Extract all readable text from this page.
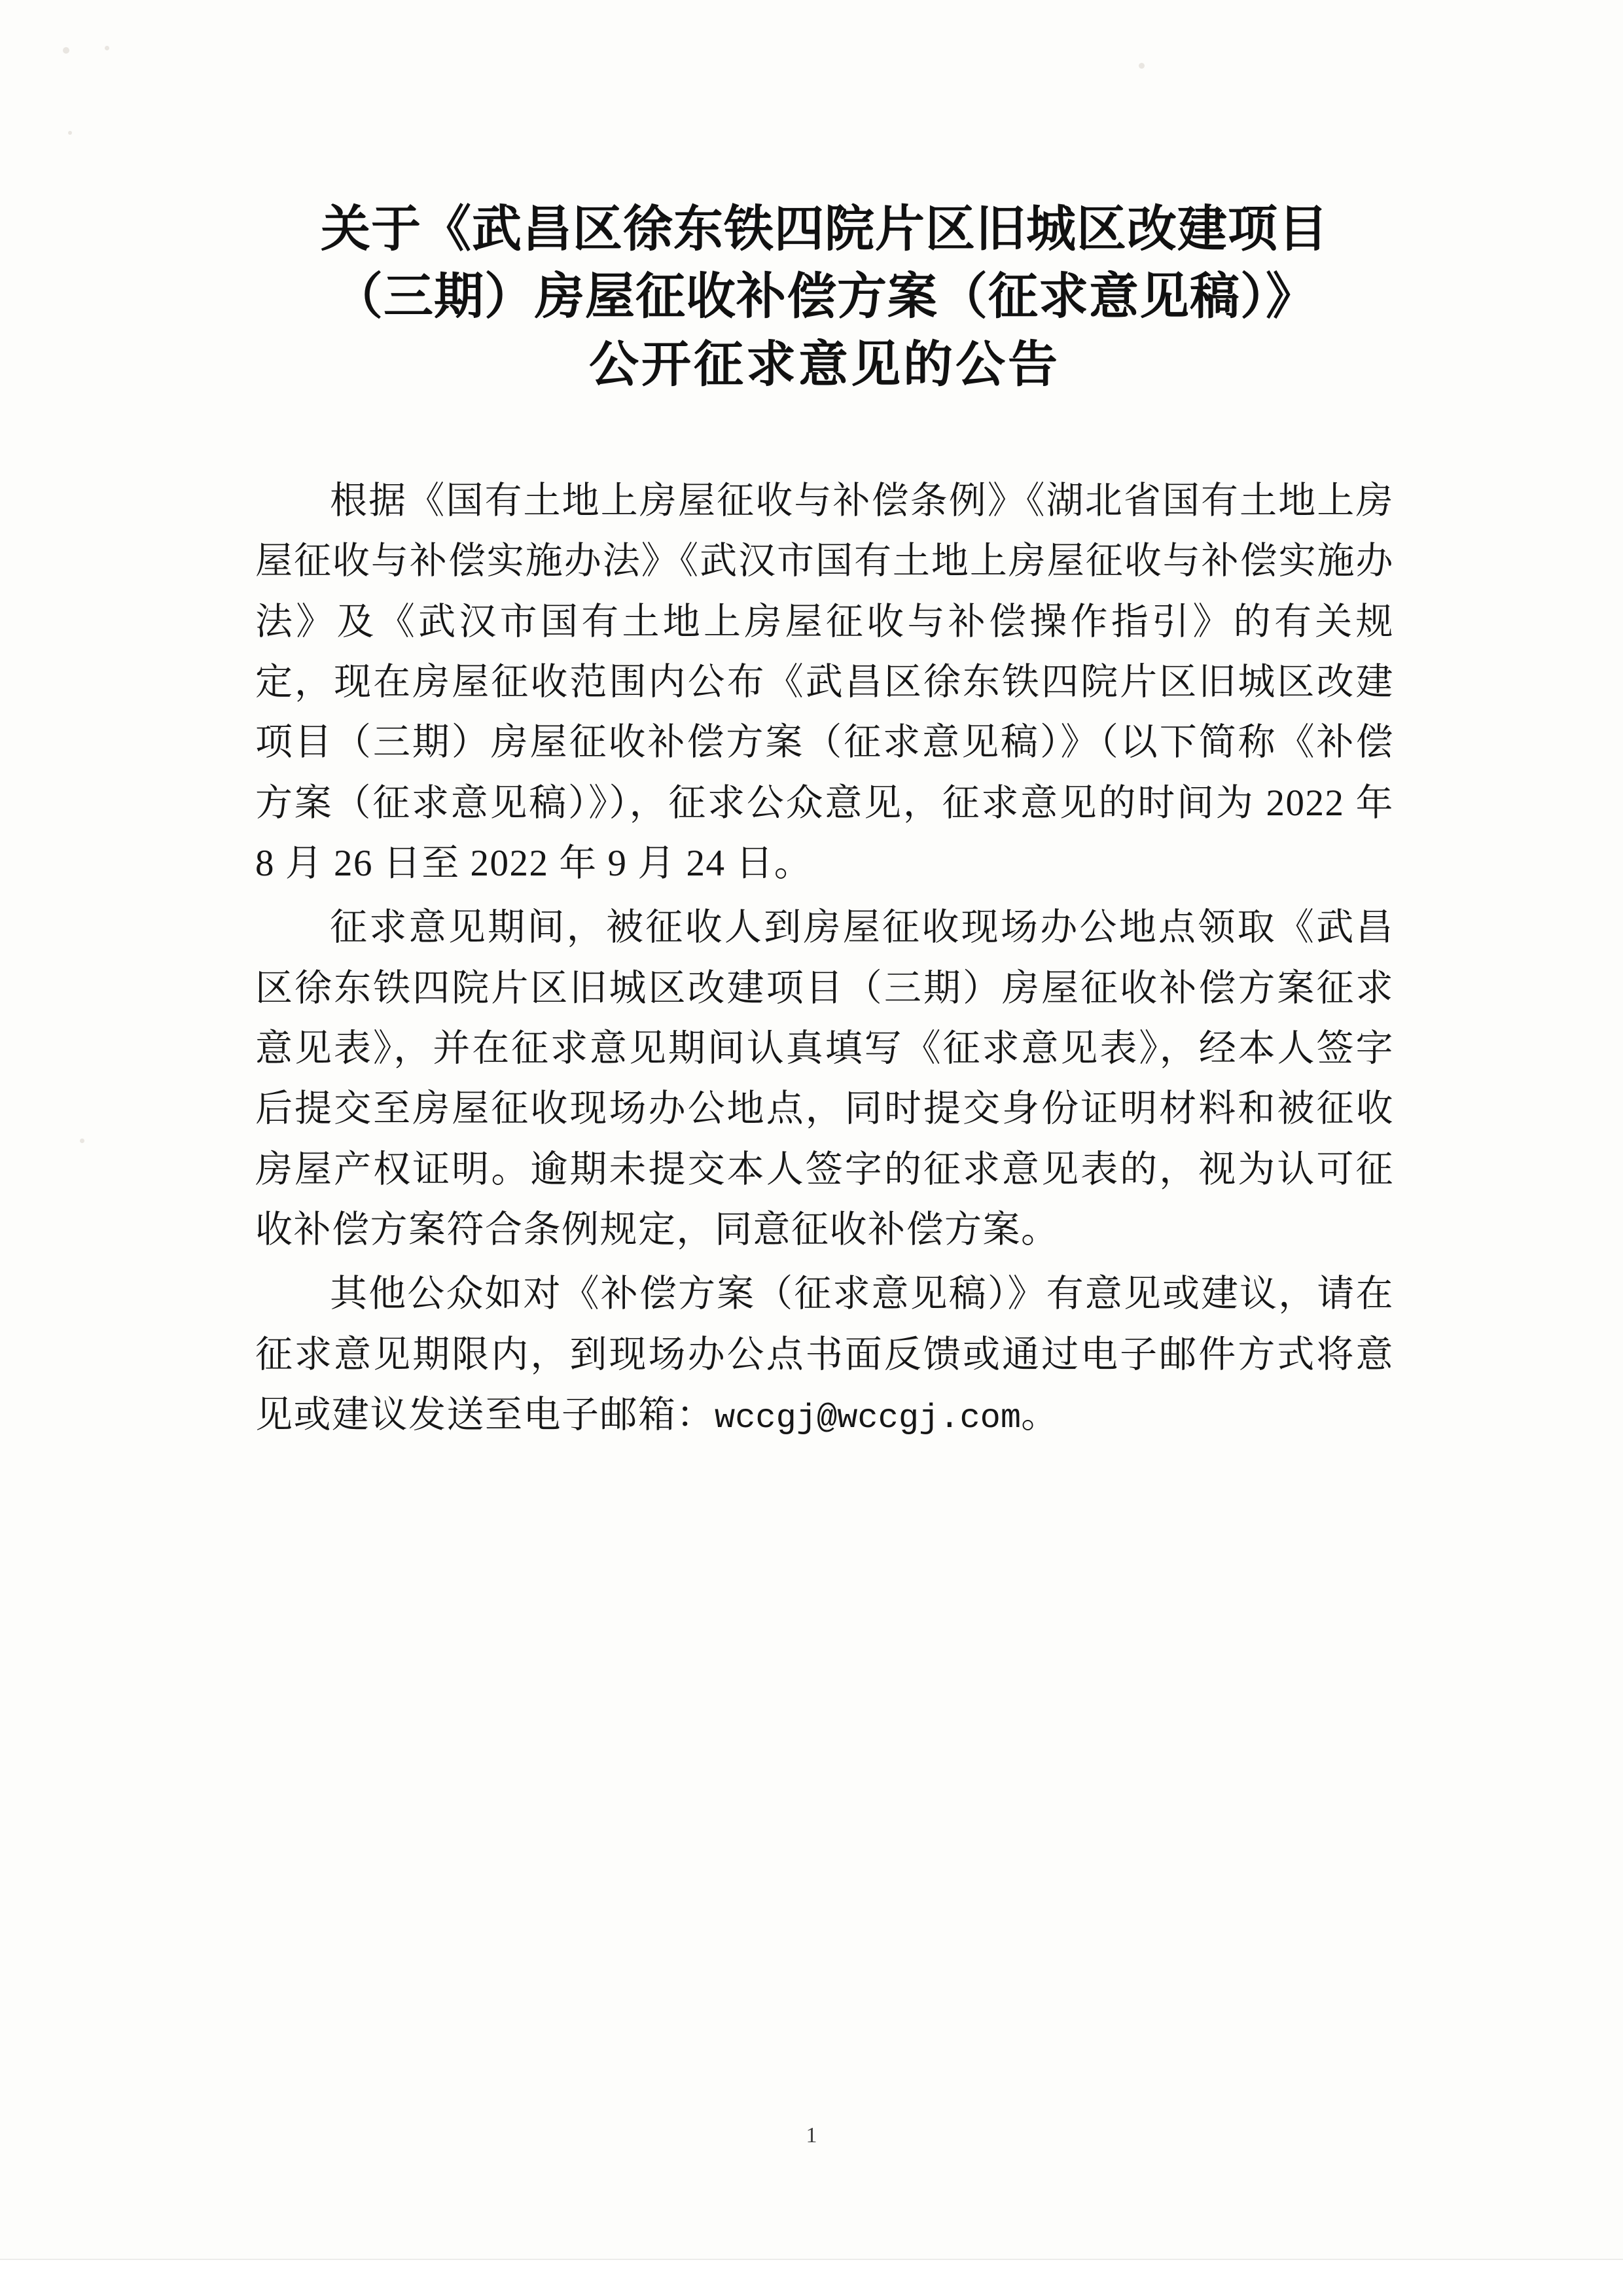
关于《武昌区徐东铁四院片区旧城区改建项目
（三期）房屋征收补偿方案（征求意见稿）》
公开征求意见的公告

根据《国有土地上房屋征收与补偿条例》《湖北省国有土地上房屋征收与补偿实施办法》《武汉市国有土地上房屋征收与补偿实施办法》及《武汉市国有土地上房屋征收与补偿操作指引》的有关规定，现在房屋征收范围内公布《武昌区徐东铁四院片区旧城区改建项目（三期）房屋征收补偿方案（征求意见稿）》（以下简称《补偿方案（征求意见稿）》），征求公众意见，征求意见的时间为 2022 年 8 月 26 日至 2022 年 9 月 24 日。

征求意见期间，被征收人到房屋征收现场办公地点领取《武昌区徐东铁四院片区旧城区改建项目（三期）房屋征收补偿方案征求意见表》，并在征求意见期间认真填写《征求意见表》，经本人签字后提交至房屋征收现场办公地点，同时提交身份证明材料和被征收房屋产权证明。逾期未提交本人签字的征求意见表的，视为认可征收补偿方案符合条例规定，同意征收补偿方案。

其他公众如对《补偿方案（征求意见稿）》有意见或建议，请在征求意见期限内，到现场办公点书面反馈或通过电子邮件方式将意见或建议发送至电子邮箱：wccgj@wccgj.com。

1
